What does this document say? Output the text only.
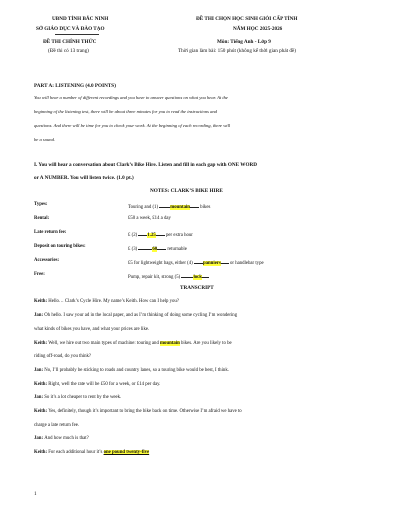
UBND TỈNH BẮC NINH
SỞ GIÁO DỤC VÀ ĐÀO TẠO
ĐỀ THI CHÍNH THỨC
(Đề thi có 13 trang)
ĐỀ THI CHỌN HỌC SINH GIỎI CẤP TỈNH
NĂM HỌC 2025-2026
Môn: Tiếng Anh - Lớp 9
Thời gian làm bài: 150 phút (không kể thời gian phát đề)
PART A: LISTENING (4.0 POINTS)
You will hear a number of different recordings and you have to answer questions on what you hear. At the
beginning of the listening test, there will be about three minutes for you to read the instructions and
questions. And there will be time for you to check your work. At the beginning of each recording, there will
be a sound.
I. You will hear a conversation about Clark’s Bike Hire. Listen and fill in each gap with ONE WORD
or A NUMBER. You will listen twice. (1.0 pt.)
NOTES: CLARK’S BIKE HIRE
Types:
Touring and (1) mountain bikes
Rental:	£50 a week, £14 a day
Late return fee:
£ (2) 1.25 per extra hour
Deposit on touring bikes:
£ (3)	60 returnable
Accessories:
£5 for lightweight bags, either (4) panniers or handlebar type
Free:
Pump, repair kit, strong (5)	lock
TRANSCRIPT
Keith: Hello… Clark’s Cycle Hire. My name’s Keith. How can I help you?
Jan: Oh hello. I saw your ad in the local paper, and as I’m thinking of doing some cycling I’m wondering
what kinds of bikes you have, and what your prices are like.
Keith: Well, we hire out two main types of machine: touring and mountain bikes. Are you likely to be
riding off-road, do you think?
Jan: No, I’ll probably be sticking to roads and country lanes, so a touring bike would be best, I think.
Keith: Right, well the rate will be £50 for a week, or £14 per day.
Jan: So it’s a lot cheaper to rent by the week.
Keith: Yes, definitely, though it’s important to bring the bike back on time. Otherwise I’m afraid we have to
charge a late return fee.
Jan: And how much is that?
Keith: For each additional hour it’s one pound twenty-five
1
